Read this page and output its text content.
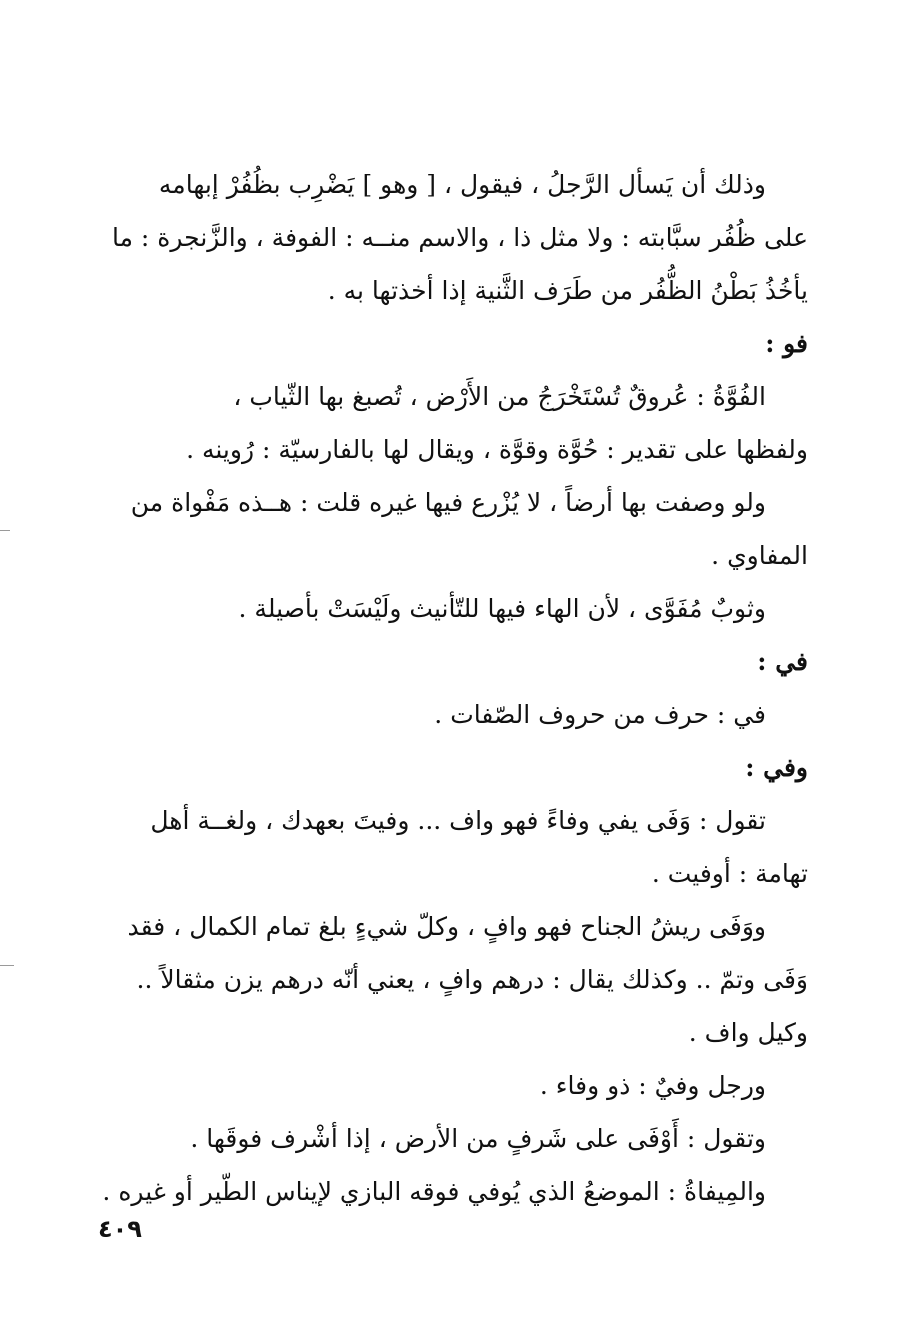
وذلك أن يَسأل الرَّجلُ ، فيقول ، [ وهو ] يَضْرِب بظُفُرْ إبهامه
على ظُفُر سبَّابته : ولا مثل ذا ، والاسم منــه : الفوفة ، والزَّنجرة : ما
يأخُذُ بَطْنُ الظُّفُر من طَرَف الثَّنية إذا أخذتها به .
فو :
الفُوَّةُ : عُروقٌ تُسْتَخْرَجُ من الأَرْض ، تُصبغ بها الثّياب ،
ولفظها على تقدير : حُوَّة وقوَّة ، ويقال لها بالفارسيّة : رُوينه .
ولو وصفت بها أرضاً ، لا يُزْرع فيها غيره قلت : هــذه مَفْواة من
المفاوي .
وثوبٌ مُفَوَّى ، لأن الهاء فيها للتّأنيث ولَيْسَتْ بأصيلة .
في :
في : حرف من حروف الصّفات .
وفي :
تقول : وَفَى يفي وفاءً فهو واف ... وفيتَ بعهدك ، ولغــة أهل
تهامة : أوفيت .
ووَفَى ريشُ الجناح فهو وافٍ ، وكلّ شيءٍ بلغ تمام الكمال ، فقد
وَفَى وتمّ .. وكذلك يقال : درهم وافٍ ، يعني أنّه درهم يزن مثقالاً ..
وكيل واف .
ورجل وفيٌ : ذو وفاء .
وتقول : أَوْفَى على شَرفٍ من الأرض ، إذا أشْرف فوقَها .
والمِيفاةُ : الموضعُ الذي يُوفي فوقه البازي لإيناس الطّير أو غيره .
٤٠٩
